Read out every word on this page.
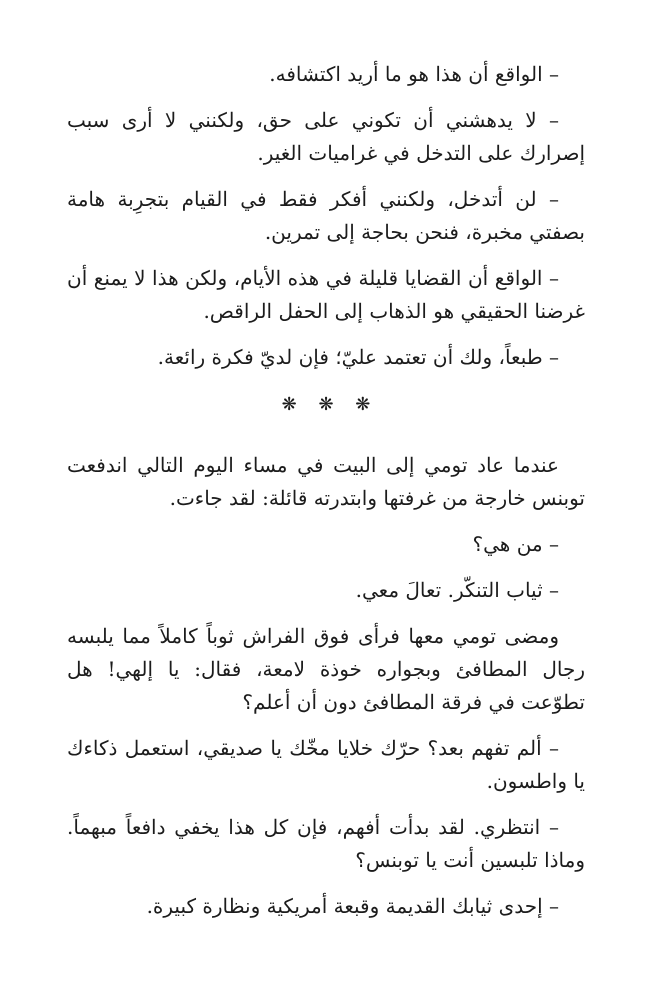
– الواقع أن هذا هو ما أريد اكتشافه.

– لا يدهشني أن تكوني على حق، ولكنني لا أرى سبب إصرارك على التدخل في غراميات الغير.

– لن أتدخل، ولكنني أفكر فقط في القيام بتجرِبة هامة بصفتي مخبرة، فنحن بحاجة إلى تمرين.

– الواقع أن القضايا قليلة في هذه الأيام، ولكن هذا لا يمنع أن غرضنا الحقيقي هو الذهاب إلى الحفل الراقص.

– طبعاً، ولك أن تعتمد عليّ؛ فإن لديّ فكرة رائعة.

❋ ❋ ❋

عندما عاد تومي إلى البيت في مساء اليوم التالي اندفعت توبنس خارجة من غرفتها وابتدرته قائلة: لقد جاءت.

– من هي؟

– ثياب التنكّر. تعالَ معي.

ومضى تومي معها فرأى فوق الفراش ثوباً كاملاً مما يلبسه رجال المطافئ وبجواره خوذة لامعة، فقال: يا إلهي! هل تطوّعت في فرقة المطافئ دون أن أعلم؟

– ألم تفهم بعد؟ حرّك خلايا مخّك يا صديقي، استعمل ذكاءك يا واطسون.

– انتظري. لقد بدأت أفهم، فإن كل هذا يخفي دافعاً مبهماً. وماذا تلبسين أنت يا توبنس؟

– إحدى ثيابك القديمة وقبعة أمريكية ونظارة كبيرة.
